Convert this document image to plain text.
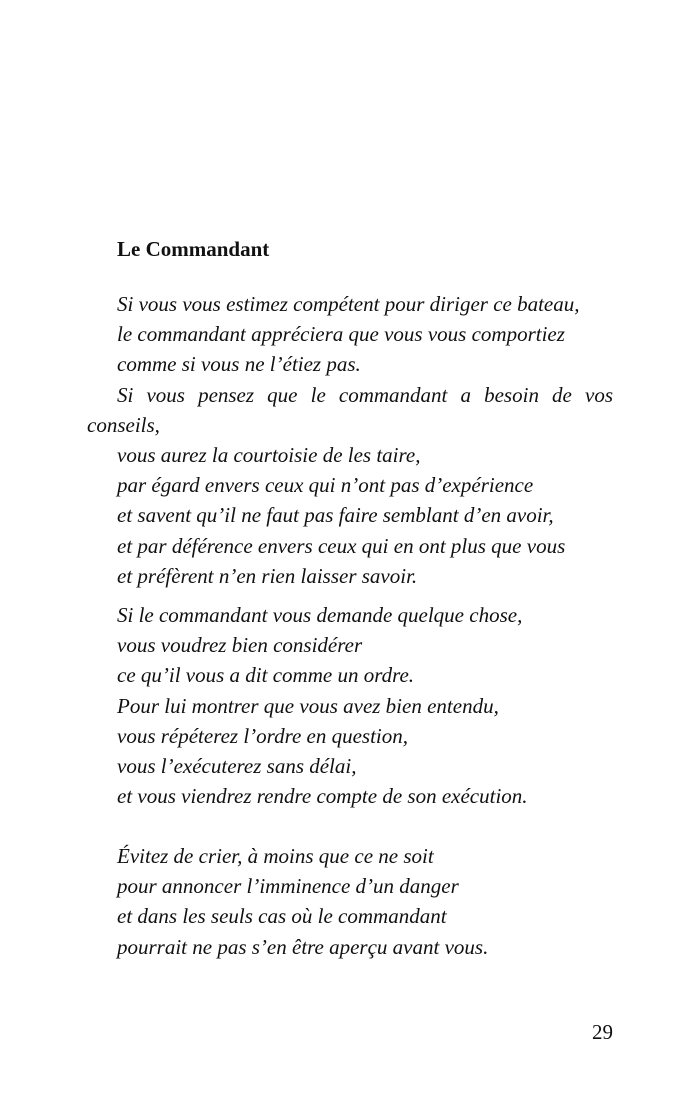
Le Commandant
Si vous vous estimez compétent pour diriger ce bateau,
le commandant appréciera que vous vous comportiez
comme si vous ne l’étiez pas.
Si vous pensez que le commandant a besoin de vos
conseils,
vous aurez la courtoisie de les taire,
par égard envers ceux qui n’ont pas d’expérience
et savent qu’il ne faut pas faire semblant d’en avoir,
et par déférence envers ceux qui en ont plus que vous
et préfèrent n’en rien laisser savoir.
Si le commandant vous demande quelque chose,
vous voudrez bien considérer
ce qu’il vous a dit comme un ordre.
Pour lui montrer que vous avez bien entendu,
vous répéterez l’ordre en question,
vous l’exécuterez sans délai,
et vous viendrez rendre compte de son exécution.
Évitez de crier, à moins que ce ne soit
pour annoncer l’imminence d’un danger
et dans les seuls cas où le commandant
pourrait ne pas s’en être aperçu avant vous.
29
